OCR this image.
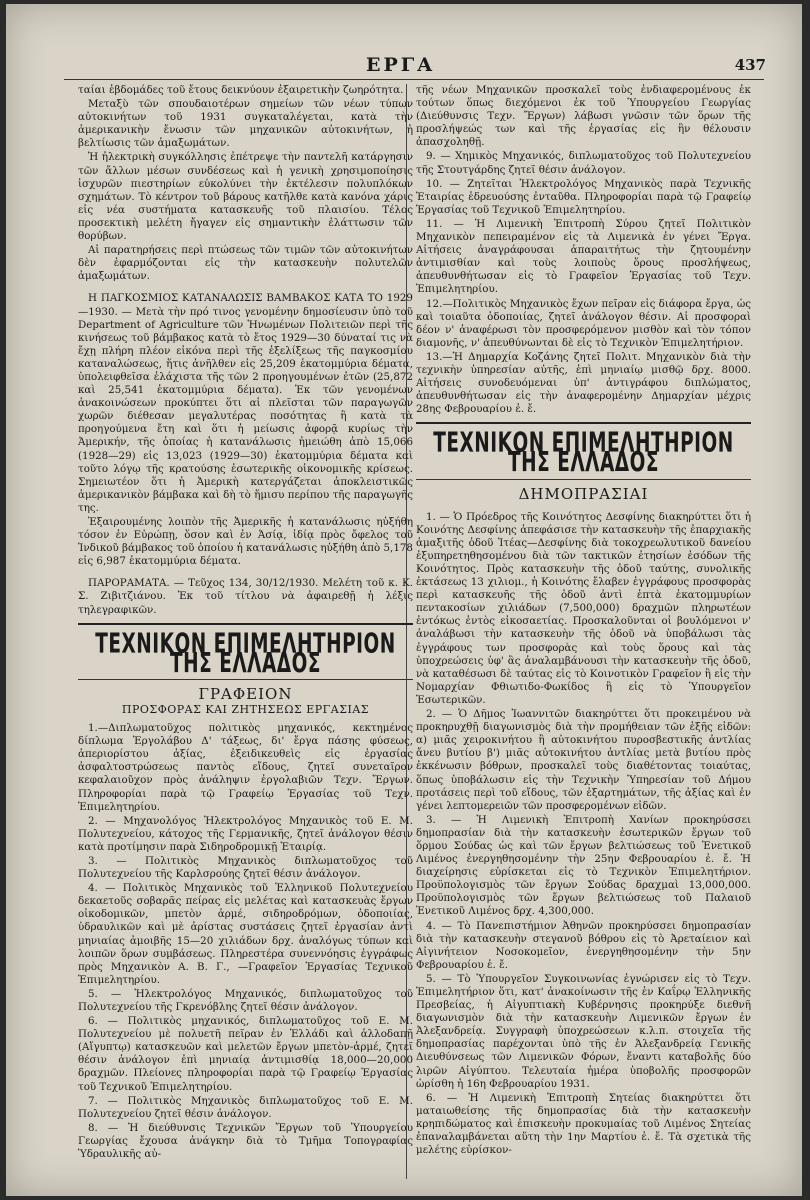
ΕΡΓΑ	437

ταίαι ἑβδομάδες τοῦ ἔτους δεικνύουν ἐξαιρετικὴν ζωηρότητα.

Μεταξὺ τῶν σπουδαιοτέρων σημείων τῶν νέων τύπων αὐτοκινήτων τοῦ 1931 συγκαταλέγεται, κατὰ τὴν ἀμερικανικὴν ἔνωσιν τῶν μηχανικῶν αὐτοκινήτων, ἡ βελτίωσις τῶν ἀμαξωμάτων.

Ἡ ἠλεκτρικὴ συγκόλλησις ἐπέτρεψε τὴν παντελῆ κατάργησιν τῶν ἄλλων μέσων συνδέσεως καὶ ἡ γενικὴ χρησιμοποίησις ἰσχυρῶν πιεστηρίων εὐκολύνει τὴν ἐκτέλεσιν πολυπλόκων σχημάτων. Τὸ κέντρον τοῦ βάρους κατῆλθε κατὰ κανόνα χάρις εἰς νέα συστήματα κατασκευῆς τοῦ πλαισίου. Τέλος προσεκτικὴ μελέτη ἤγαγεν εἰς σημαντικὴν ἐλάττωσιν τῶν θορύβων.

Αἱ παρατηρήσεις περὶ πτώσεως τῶν τιμῶν τῶν αὐτοκινήτων δὲν ἐφαρμόζονται εἰς τὴν κατασκευὴν πολυτελῶν ἀμαξωμάτων.

Η ΠΑΓΚΟΣΜΙΟΣ ΚΑΤΑΝΑΛΩΣΙΣ ΒΑΜΒΑΚΟΣ ΚΑΤΑ ΤΟ 1929—1930. — Μετὰ τὴν πρό τινος γενομένην δημοσίευσιν ὑπὸ τοῦ Department of Agriculture τῶν Ἡνωμένων Πολιτειῶν περὶ τῆς κινήσεως τοῦ βάμβακος κατὰ τὸ ἔτος 1929—30 δύναταί τις νὰ ἔχῃ πλήρη πλέον εἰκόνα περὶ τῆς ἐξελίξεως τῆς παγκοσμίου καταναλώσεως, ἥτις ἀνῆλθεν εἰς 25,209 ἑκατομμύρια δέματα, ὑπολειφθεῖσα ἐλάχιστα τῆς τῶν 2 προηγουμένων ἐτῶν (25,872 καὶ 25,541 ἑκατομμύρια δέματα). Ἐκ τῶν γενομένων ἀνακοινώσεων προκύπτει ὅτι αἱ πλεῖσται τῶν παραγωγῶν χωρῶν διέθεσαν μεγαλυτέρας ποσότητας ἢ κατὰ τὰ προηγούμενα ἔτη καὶ ὅτι ἡ μείωσις ἀφορᾷ κυρίως τὴν Ἀμερικήν, τῆς ὁποίας ἡ κατανάλωσις ἠμειώθη ἀπὸ 15,066 (1928—29) εἰς 13,023 (1929—30) ἑκατομμύρια δέματα καὶ τοῦτο λόγῳ τῆς κρατούσης ἐσωτερικῆς οἰκονομικῆς κρίσεως. Σημειωτέον ὅτι ἡ Ἀμερικὴ κατεργάζεται ἀποκλειστικῶς ἀμερικανικὸν βάμβακα καὶ δὴ τὸ ἥμισυ περίπου τῆς παραγωγῆς της.

Ἐξαιρουμένης λοιπὸν τῆς Ἀμερικῆς ἡ κατανάλωσις ηὐξήθη τόσον ἐν Εὐρώπῃ, ὅσον καὶ ἐν Ἀσίᾳ, ἰδίᾳ πρὸς ὄφελος τοῦ Ἰνδικοῦ βάμβακος τοῦ ὁποίου ἡ κατανάλωσις ηὐξήθη ἀπὸ 5,178 εἰς 6,987 ἑκατομμύρια δέματα.

ΠΑΡΟΡΑΜΑΤΑ. — Τεῦχος 134, 30/12/1930. Μελέτη τοῦ κ. Κ. Σ. Ζιβιτζιάνου. Ἐκ τοῦ τίτλου νὰ ἀφαιρεθῇ ἡ λέξις τηλεγραφικῶν.

ΤΕΧΝΙΚΟΝ ΕΠΙΜΕΛΗΤΗΡΙΟΝ ΤΗΣ ΕΛΛΑΔΟΣ
ΓΡΑΦΕΙΟΝ
ΠΡΟΣΦΟΡΑΣ ΚΑΙ ΖΗΤΗΣΕΩΣ ΕΡΓΑΣΙΑΣ

1.—Διπλωματοῦχος πολιτικὸς μηχανικός, κεκτημένος δίπλωμα Ἐργολάβου Δ' τάξεως, δι' ἔργα πάσης φύσεως, ἀπεριορίστου ἀξίας, ἐξειδικευθεὶς εἰς ἐργασίας ἀσφαλτοστρώσεως παντὸς εἴδους, ζητεῖ συνεταῖρον κεφαλαιοῦχον πρὸς ἀνάληψιν ἐργολαβιῶν Τεχν. Ἔργων. Πληροφορίαι παρὰ τῷ Γραφείῳ Ἐργασίας τοῦ Τεχν. Ἐπιμελητηρίου.

2. — Μηχανολόγος Ἠλεκτρολόγος Μηχανικὸς τοῦ Ε. Μ. Πολυτεχνείου, κάτοχος τῆς Γερμανικῆς, ζητεῖ ἀνάλογον θέσιν κατὰ προτίμησιν παρὰ Σιδηροδρομικῇ Ἑταιρίᾳ.

3. — Πολιτικὸς Μηχανικὸς διπλωματοῦχος τοῦ Πολυτεχνείου τῆς Καρλσρούης ζητεῖ θέσιν ἀνάλογον.

4. — Πολιτικὸς Μηχανικὸς τοῦ Ἑλληνικοῦ Πολυτεχνείου δεκαετοῦς σοβαρᾶς πείρας εἰς μελέτας καὶ κατασκευὰς ἔργων οἰκοδομικῶν, μπετὸν ἀρμέ, σιδηροδρόμων, ὁδοποιίας, ὑδραυλικῶν καὶ μὲ ἀρίστας συστάσεις ζητεῖ ἐργασίαν ἀντὶ μηνιαίας ἀμοιβῆς 15—20 χιλιάδων δρχ. ἀναλόγως τύπων καὶ λοιπῶν ὅρων συμβάσεως. Πληρεστέρα συνεννόησις ἐγγράφως πρὸς Μηχανικὸν Α. Β. Γ., —Γραφεῖον Ἐργασίας Τεχνικοῦ Ἐπιμελητηρίου.

5. — Ἠλεκτρολόγος Μηχανικός, διπλωματοῦχος τοῦ Πολυτεχνείου τῆς Γκρενόβλης ζητεῖ θέσιν ἀνάλογον.

6. — Πολιτικὸς μηχανικός, διπλωματοῦχος τοῦ Ε. Μ. Πολυτεχνείου μὲ πολυετῆ πεῖραν ἐν Ἑλλάδι καὶ ἀλλοδαπῇ (Αἴγυπτῳ) κατασκευῶν καὶ μελετῶν ἔργων μπετὸν-ἀρμέ, ζητεῖ θέσιν ἀνάλογον ἐπὶ μηνιαίᾳ ἀντιμισθίᾳ 18,000—20,000 δραχμῶν. Πλείονες πληροφορίαι παρὰ τῷ Γραφείῳ Ἐργασίας τοῦ Τεχνικοῦ Ἐπιμελητηρίου.

7. — Πολιτικὸς Μηχανικὸς διπλωματοῦχος τοῦ Ε. Μ. Πολυτεχνείου ζητεῖ θέσιν ἀνάλογον.

8. — Ἡ διεύθυνσις Τεχνικῶν Ἔργων τοῦ Ὑπουργείου Γεωργίας ἔχουσα ἀνάγκην διὰ τὸ Τμῆμα Τοπογραφίας Ὑδραυλικῆς αὐ-

τῆς νέων Μηχανικῶν προσκαλεῖ τοὺς ἐνδιαφερομένους ἐκ τούτων ὅπως διεχόμενοι ἐκ τοῦ Ὑπουργείου Γεωργίας (Διεύθυνσις Τεχν. Ἔργων) λάβωσι γνῶσιν τῶν ὅρων τῆς προσλήψεώς των καὶ τῆς ἐργασίας εἰς ἣν θέλουσιν ἀπασχοληθῇ.

9. — Χημικὸς Μηχανικός, διπλωματοῦχος τοῦ Πολυτεχνείου τῆς Στουτγάρδης ζητεῖ θέσιν ἀνάλογον.

10. — Ζητεῖται Ἠλεκτρολόγος Μηχανικὸς παρὰ Τεχνικῆς Ἑταιρίας ἑδρευούσης ἐνταῦθα. Πληροφορίαι παρὰ τῷ Γραφείῳ Ἐργασίας τοῦ Τεχνικοῦ Ἐπιμελητηρίου.

11. — Ἡ Λιμενικὴ Ἐπιτροπὴ Σύρου ζητεῖ Πολιτικὸν Μηχανικὸν πεπειραμένον εἰς τὰ Λιμενικὰ ἐν γένει Ἔργα. Αἰτήσεις ἀναγράφουσαι ἀπαραιτήτως τὴν ζητουμένην ἀντιμισθίαν καὶ τοὺς λοιποὺς ὅρους προσλήψεως, ἀπευθυνθήτωσαν εἰς τὸ Γραφεῖον Ἐργασίας τοῦ Τεχν. Ἐπιμελητηρίου.

12.—Πολιτικὸς Μηχανικὸς ἔχων πεῖραν εἰς διάφορα ἔργα, ὡς καὶ τοιαῦτα ὁδοποιίας, ζητεῖ ἀνάλογον θέσιν. Αἱ προσφοραὶ δέον ν' ἀναφέρωσι τὸν προσφερόμενον μισθὸν καὶ τὸν τόπον διαμονῆς, ν' ἀπευθύνωνται δὲ εἰς τὸ Τεχνικὸν Ἐπιμελητήριον.

13.—Ἡ Δημαρχία Κοζάνης ζητεῖ Πολιτ. Μηχανικὸν διὰ τὴν τεχνικὴν ὑπηρεσίαν αὐτῆς, ἐπὶ μηνιαίῳ μισθῷ δρχ. 8000. Αἰτήσεις συνοδευόμεναι ὑπ' ἀντιγράφου διπλώματος, ἀπευθυνθήτωσαν εἰς τὴν ἀναφερομένην Δημαρχίαν μέχρις 28ης Φεβρουαρίου ἐ. ἔ.

ΤΕΧΝΙΚΟΝ ΕΠΙΜΕΛΗΤΗΡΙΟΝ ΤΗΣ ΕΛΛΑΔΟΣ
ΔΗΜΟΠΡΑΣΙΑΙ

1. — Ὁ Πρόεδρος τῆς Κοινότητος Δεσφίνης διακηρύττει ὅτι ἡ Κοινότης Δεσφίνης ἀπεφάσισε τὴν κατασκευὴν τῆς ἐπαρχιακῆς ἁμαξιτῆς ὁδοῦ Ἰτέας—Δεσφίνης διὰ τοκοχρεωλυτικοῦ δανείου ἐξυπηρετηθησομένου διὰ τῶν τακτικῶν ἐτησίων ἐσόδων τῆς Κοινότητος. Πρὸς κατασκευὴν τῆς ὁδοῦ ταύτης, συνολικῆς ἐκτάσεως 13 χιλιομ., ἡ Κοινότης ἔλαβεν ἐγγράφους προσφορὰς περὶ κατασκευῆς τῆς ὁδοῦ ἀντὶ ἑπτὰ ἑκατομμυρίων πεντακοσίων χιλιάδων (7,500,000) δραχμῶν πληρωτέων ἐντόκως ἐντὸς εἰκοσαετίας. Προσκαλοῦνται οἱ βουλόμενοι ν' ἀναλάβωσι τὴν κατασκευὴν τῆς ὁδοῦ νὰ ὑποβάλωσι τὰς ἐγγράφους των προσφορὰς καὶ τοὺς ὅρους καὶ τὰς ὑποχρεώσεις ὑφ' ἃς ἀναλαμβάνουσι τὴν κατασκευὴν τῆς ὁδοῦ, νὰ καταθέσωσι δὲ ταύτας εἰς τὸ Κοινοτικὸν Γραφεῖον ἢ εἰς τὴν Νομαρχίαν Φθιωτιδο-Φωκίδος ἢ εἰς τὸ Ὑπουργεῖον Ἐσωτερικῶν.

2. — Ὁ Δῆμος Ἰωαννιτῶν διακηρύττει ὅτι προκειμένου νὰ προκηρυχθῇ διαγωνισμὸς διὰ τὴν προμήθειαν τῶν ἑξῆς εἰδῶν: α) μιᾶς χειροκινήτου ἢ αὐτοκινήτου πυροσβεστικῆς ἀντλίας ἄνευ βυτίου β') μιᾶς αὐτοκινήτου ἀντλίας μετὰ βυτίου πρὸς ἐκκένωσιν βόθρων, προσκαλεῖ τοὺς διαθέτοντας τοιαύτας, ὅπως ὑποβάλωσιν εἰς τὴν Τεχνικὴν Ὑπηρεσίαν τοῦ Δήμου προτάσεις περὶ τοῦ εἴδους, τῶν ἐξαρτημάτων, τῆς ἀξίας καὶ ἐν γένει λεπτομερειῶν τῶν προσφερομένων εἰδῶν.

3. — Ἡ Λιμενικὴ Ἐπιτροπὴ Χανίων προκηρύσσει δημοπρασίαν διὰ τὴν κατασκευὴν ἐσωτερικῶν ἔργων τοῦ ὅρμου Σούδας ὡς καὶ τῶν ἔργων βελτιώσεως τοῦ Ἐνετικοῦ Λιμένος ἐνεργηθησομένην τὴν 25ην Φεβρουαρίου ἐ. ἔ. Ἡ διαχείρησις εὑρίσκεται εἰς τὸ Τεχνικὸν Ἐπιμελητήριον. Προϋπολογισμὸς τῶν ἔργων Σούδας δραχμαὶ 13,000,000. Προϋπολογισμὸς τῶν ἔργων βελτιώσεως τοῦ Παλαιοῦ Ἐνετικοῦ Λιμένος δρχ. 4,300,000.

4. — Τὸ Πανεπιστήμιον Ἀθηνῶν προκηρύσσει δημοπρασίαν διὰ τὴν κατασκευὴν στεγανοῦ βόθρου εἰς τὸ Ἀρεταίειον καὶ Αἰγινήτειον Νοσοκομεῖον, ἐνεργηθησομένην τὴν 5ην Φεβρουαρίου ἐ. ἔ.

5. — Τὸ Ὑπουργεῖον Συγκοινωνίας ἐγνώρισεν εἰς τὸ Τεχν. Ἐπιμελητήριον ὅτι, κατ' ἀνακοίνωσιν τῆς ἐν Καΐρῳ Ἑλληνικῆς Πρεσβείας, ἡ Αἰγυπτιακὴ Κυβέρνησις προκηρύξε διεθνῆ διαγωνισμὸν διὰ τὴν κατασκευὴν Λιμενικῶν ἔργων ἐν Ἀλεξανδρείᾳ. Συγγραφὴ ὑποχρεώσεων κ.λ.π. στοιχεῖα τῆς δημοπρασίας παρέχονται ὑπὸ τῆς ἐν Ἀλεξανδρείᾳ Γενικῆς Διευθύνσεως τῶν Λιμενικῶν Φόρων, ἔναντι καταβολῆς δύο λιρῶν Αἰγύπτου. Τελευταία ἡμέρα ὑποβολῆς προσφορῶν ὡρίσθη ἡ 16η Φεβρουαρίου 1931.

6. — Ἡ Λιμενικὴ Ἐπιτροπὴ Σητείας διακηρύττει ὅτι ματαιωθείσης τῆς δημοπρασίας διὰ τὴν κατασκευὴν κρηπιδώματος καὶ ἐπισκευὴν προκυμαίας τοῦ Λιμένος Σητείας ἐπαναλαμβάνεται αὕτη τὴν 1ην Μαρτίου ἐ. ἔ. Τὰ σχετικὰ τῆς μελέτης εὑρίσκον-
